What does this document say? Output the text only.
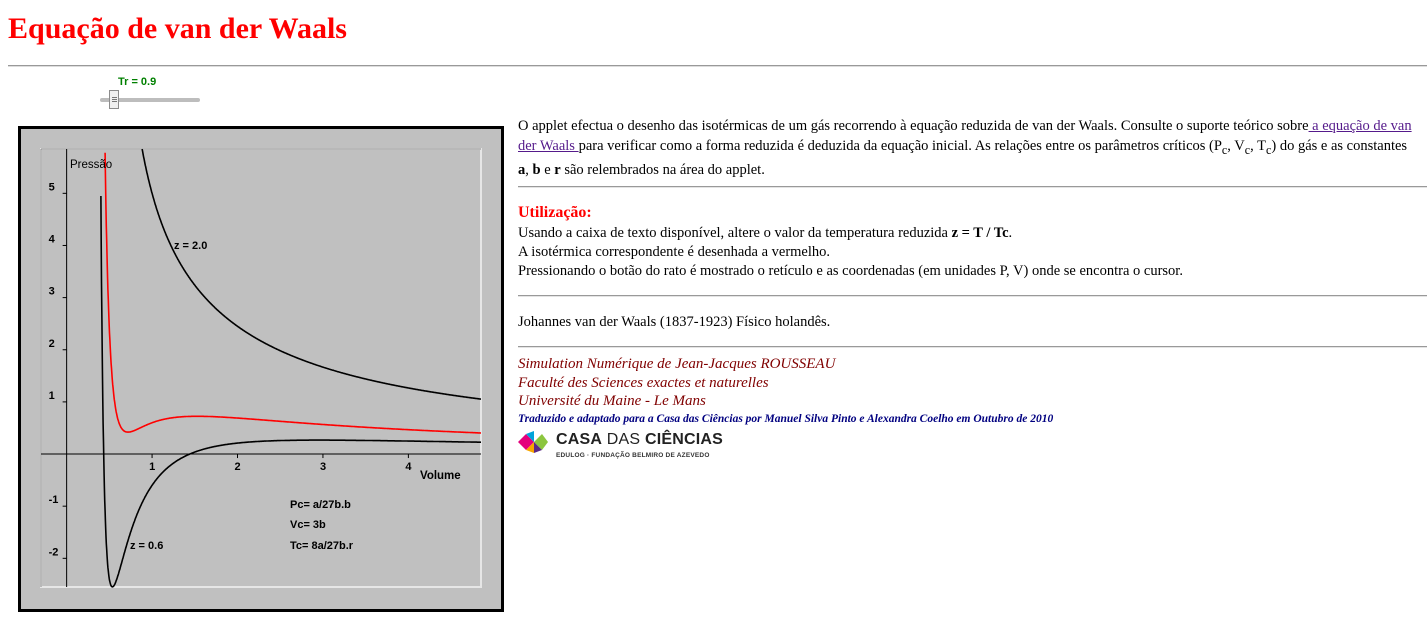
Equação de van der Waals
Tr = 0.9
1	2	3	4
5
4
3
2
1
-1
-2
Pressão
Volume
z = 2.0
z = 0.6
Pc= a/27b.b
Vc= 3b
Tc= 8a/27b.r
O applet efectua o desenho das isotérmicas de um gás recorrendo à equação reduzida de van der Waals. Consulte o suporte teórico sobre a equação de van der Waals para verificar como a forma reduzida é deduzida da equação inicial. As relações entre os parâmetros críticos ($P_c$, $V_c$, $T_c$) do gás e as constantes a, b e r são relembrados na área do applet.
Utilização:
Usando a caixa de texto disponível, altere o valor da temperatura reduzida z = T / Tc.
A isotérmica correspondente é desenhada a vermelho.
Pressionando o botão do rato é mostrado o retículo e as coordenadas (em unidades P, V) onde se encontra o cursor.
Johannes van der Waals (1837-1923) Físico holandês.
Simulation Numérique de Jean-Jacques ROUSSEAU
Faculté des Sciences exactes et naturelles
Université du Maine - Le Mans
Traduzido e adaptado para a Casa das Ciências por Manuel Silva Pinto e Alexandra Coelho em Outubro de 2010
CASA DAS CIÊNCIAS
EDULOG · FUNDAÇÃO BELMIRO DE AZEVEDO
